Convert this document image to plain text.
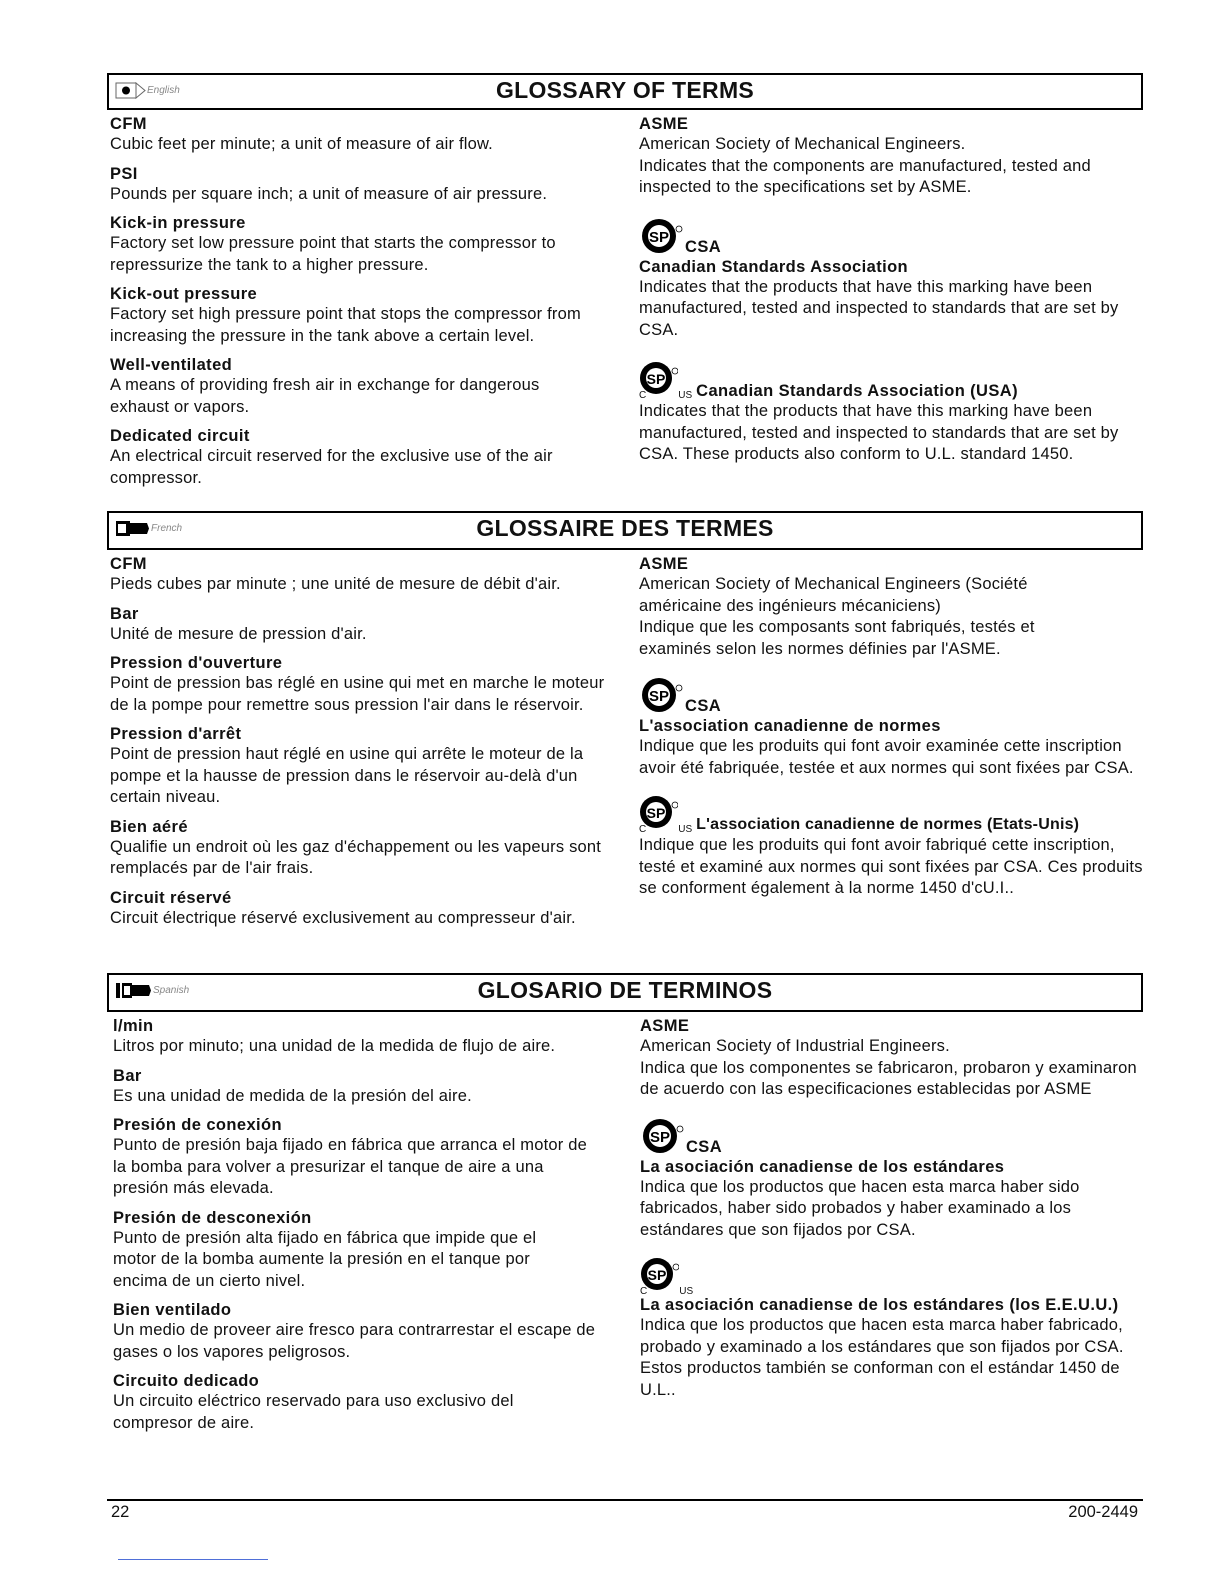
English	GLOSSARY OF TERMS
CFM

Cubic feet per minute; a unit of measure of air flow.

PSI

Pounds per square inch; a unit of measure of air pressure.

Kick-in pressure

Factory set low pressure point that starts the compressor to repressurize the tank to a higher pressure.

Kick-out pressure

Factory set high pressure point that stops the compressor from increasing the pressure in the tank above a certain level.

Well-ventilated

A means of providing fresh air in exchange for dangerous exhaust or vapors.

Dedicated circuit

An electrical circuit reserved for the exclusive use of the air compressor.

ASME

American Society of Mechanical Engineers.

Indicates that the components are manufactured, tested and inspected to the specifications set by ASME.

SP
CSA

Canadian Standards Association

Indicates that the products that have this marking have been manufactured, tested and inspected to standards that are set by CSA.

C
SP
US Canadian Standards Association (USA)

Indicates that the products that have this marking have been manufactured, tested and inspected to standards that are set by CSA. These products also conform to U.L. standard 1450.

French	GLOSSAIRE DES TERMES
CFM

Pieds cubes par minute ; une unité de mesure de débit d'air.

Bar

Unité de mesure de pression d'air.

Pression d'ouverture

Point de pression bas réglé en usine qui met en marche le moteur de la pompe pour remettre sous pression l'air dans le réservoir.

Pression d'arrêt

Point de pression haut réglé en usine qui arrête le moteur de la pompe et la hausse de pression dans le réservoir au-delà d'un certain niveau.

Bien aéré

Qualifie un endroit où les gaz d'échappement ou les vapeurs sont remplacés par de l'air frais.

Circuit réservé

Circuit électrique réservé exclusivement au compresseur d'air.

ASME

American Society of Mechanical Engineers (Société américaine des ingénieurs mécaniciens)

Indique que les composants sont fabriqués, testés et examinés selon les normes définies par l'ASME.

SP
CSA

L'association canadienne de normes

Indique que les produits qui font avoir examinée cette inscription avoir été fabriquée, testée et aux normes qui sont fixées par CSA.

C
SP
US L'association canadienne de normes (Etats-Unis)

Indique que les produits qui font avoir fabriqué cette inscription, testé et examiné aux normes qui sont fixées par CSA. Ces produits se conforment également à la norme 1450 d'cU.I..

Spanish	GLOSARIO DE TERMINOS
l/min

Litros por minuto; una unidad de la medida de flujo de aire.

Bar

Es una unidad de medida de la presión del aire.

Presión de conexión

Punto de presión baja fijado en fábrica que arranca el motor de la bomba para volver a presurizar el tanque de aire a una presión más elevada.

Presión de desconexión

Punto de presión alta fijado en fábrica que impide que el motor de la bomba aumente la presión en el tanque por encima de un cierto nivel.

Bien ventilado

Un medio de proveer aire fresco para contrarrestar el escape de gases o los vapores peligrosos.

Circuito dedicado

Un circuito eléctrico reservado para uso exclusivo del compresor de aire.

ASME

American Society of Industrial Engineers.

Indica que los componentes se fabricaron, probaron y examinaron de acuerdo con las especificaciones establecidas por ASME

SP
CSA

La asociación canadiense de los estándares

Indica que los productos que hacen esta marca haber sido fabricados, haber sido probados y haber examinado a los estándares que son fijados por CSA.

C
SP
US

La asociación canadiense de los estándares (los E.E.U.U.)

Indica que los productos que hacen esta marca haber fabricado, probado y examinado a los estándares que son fijados por CSA. Estos productos también se conforman con el estándar 1450 de U.L..

22	200-2449
